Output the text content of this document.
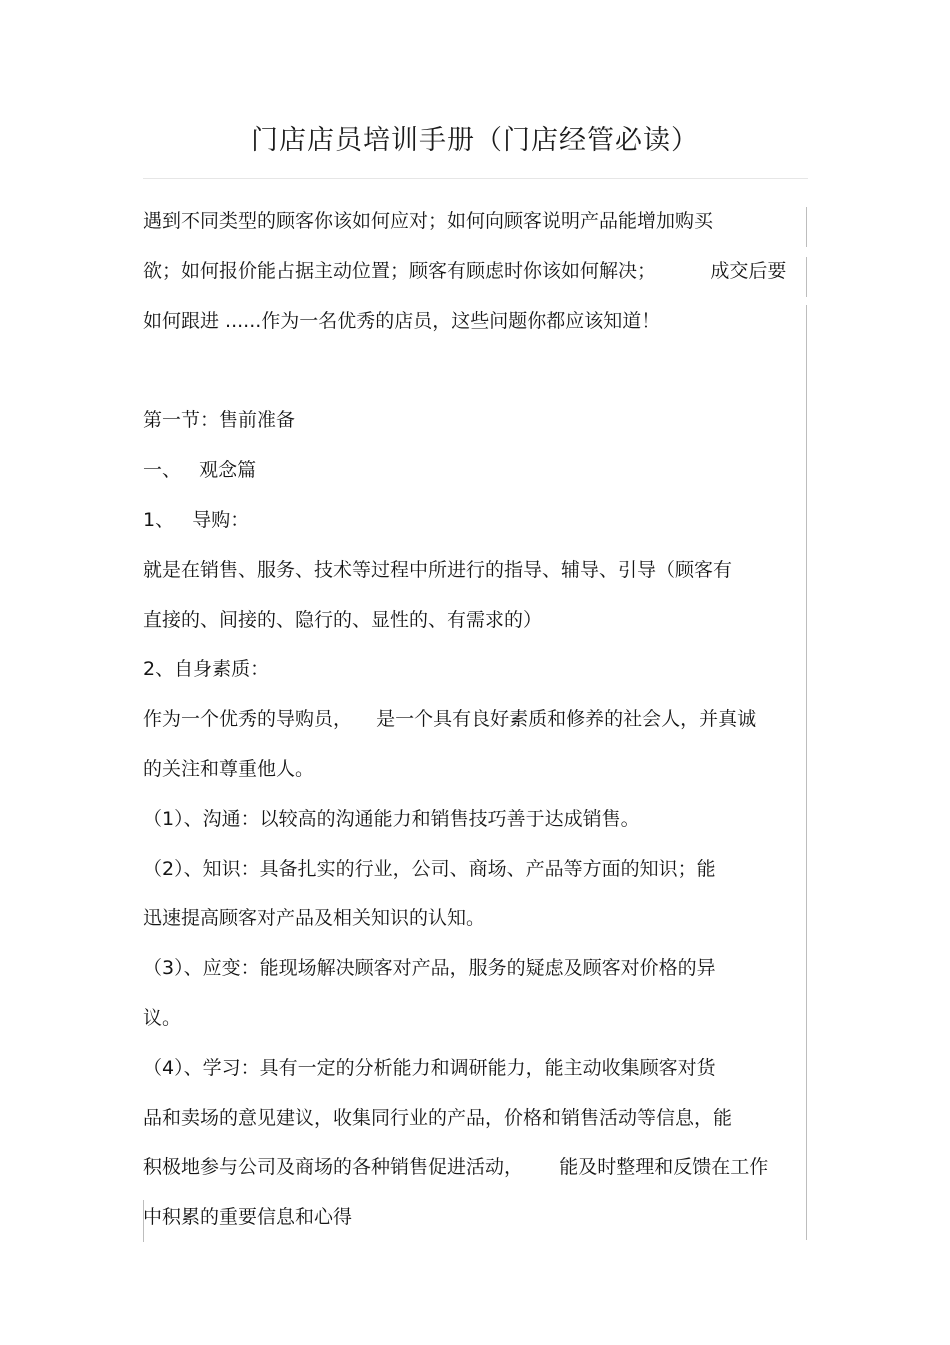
门店店员培训手册（门店经管必读）
遇到不同类型的顾客你该如何应对；如何向顾客说明产品能增加购买
欲；如何报价能占据主动位置；顾客有顾虑时你该如何解决；         成交后要
如何跟进 ......作为一名优秀的店员，这些问题你都应该知道！
第一节：售前准备
一、   观念篇
1、   导购：
就是在销售、服务、技术等过程中所进行的指导、辅导、引导（顾客有
直接的、间接的、隐行的、显性的、有需求的）
2、自身素质：
作为一个优秀的导购员，    是一个具有良好素质和修养的社会人，并真诚
的关注和尊重他人。
（1）、沟通：以较高的沟通能力和销售技巧善于达成销售。
（2）、知识：具备扎实的行业，公司、商场、产品等方面的知识；能
迅速提高顾客对产品及相关知识的认知。
（3）、应变：能现场解决顾客对产品，服务的疑虑及顾客对价格的异
议。
（4）、学习：具有一定的分析能力和调研能力，能主动收集顾客对货
品和卖场的意见建议，收集同行业的产品，价格和销售活动等信息，能
积极地参与公司及商场的各种销售促进活动，      能及时整理和反馈在工作
中积累的重要信息和心得
